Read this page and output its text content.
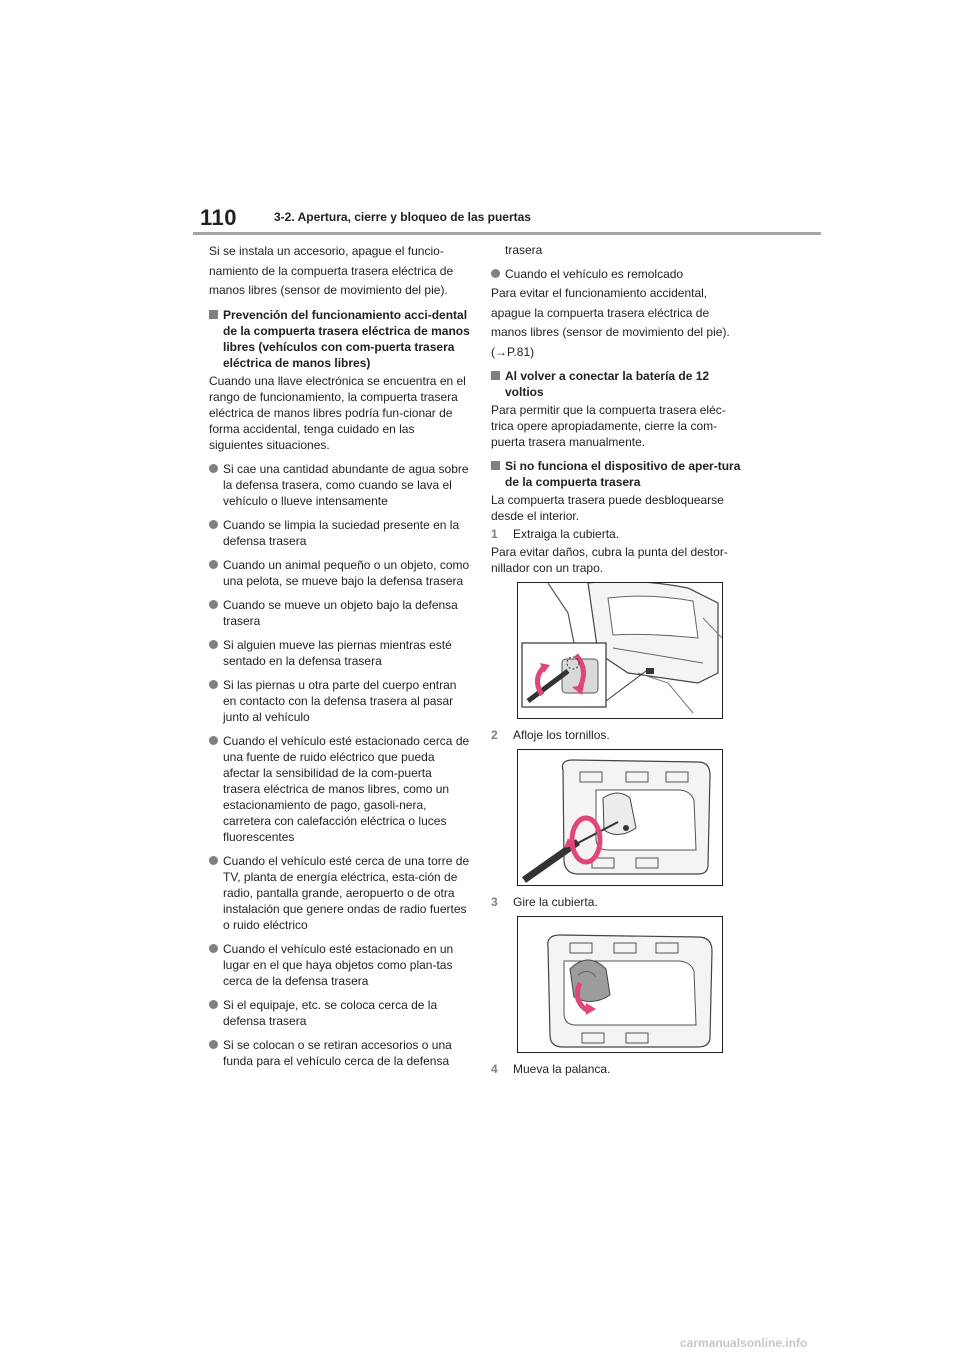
110	3-2. Apertura, cierre y bloqueo de las puertas

Si se instala un accesorio, apague el funcio-namiento de la compuerta trasera eléctrica de manos libres (sensor de movimiento del pie).

Prevención del funcionamiento acci-dental de la compuerta trasera eléctrica de manos libres (vehículos con com-puerta trasera eléctrica de manos libres)

Cuando una llave electrónica se encuentra en el rango de funcionamiento, la compuerta trasera eléctrica de manos libres podría fun-cionar de forma accidental, tenga cuidado en las siguientes situaciones.

Si cae una cantidad abundante de agua sobre la defensa trasera, como cuando se lava el vehículo o llueve intensamente
Cuando se limpia la suciedad presente en la defensa trasera
Cuando un animal pequeño o un objeto, como una pelota, se mueve bajo la defensa trasera
Cuando se mueve un objeto bajo la defensa trasera
Si alguien mueve las piernas mientras esté sentado en la defensa trasera
Si las piernas u otra parte del cuerpo entran en contacto con la defensa trasera al pasar junto al vehículo
Cuando el vehículo esté estacionado cerca de una fuente de ruido eléctrico que pueda afectar la sensibilidad de la com-puerta trasera eléctrica de manos libres, como un estacionamiento de pago, gasoli-nera, carretera con calefacción eléctrica o luces fluorescentes
Cuando el vehículo esté cerca de una torre de TV, planta de energía eléctrica, esta-ción de radio, pantalla grande, aeropuerto o de otra instalación que genere ondas de radio fuertes o ruido eléctrico
Cuando el vehículo esté estacionado en un lugar en el que haya objetos como plan-tas cerca de la defensa trasera
Si el equipaje, etc. se coloca cerca de la defensa trasera
Si se colocan o se retiran accesorios o una funda para el vehículo cerca de la defensa

trasera

Cuando el vehículo es remolcado

Para evitar el funcionamiento accidental, apague la compuerta trasera eléctrica de manos libres (sensor de movimiento del pie).

(→P.81)

Al volver a conectar la batería de 12 voltios

Para permitir que la compuerta trasera eléc-trica opere apropiadamente, cierre la com-puerta trasera manualmente.

Si no funciona el dispositivo de aper-tura de la compuerta trasera

La compuerta trasera puede desbloquearse desde el interior.

1 Extraiga la cubierta.

Para evitar daños, cubra la punta del destor-nillador con un trapo.

2 Afloje los tornillos.
3 Gire la cubierta.
4 Mueva la palanca.
carmanualsonline.info
